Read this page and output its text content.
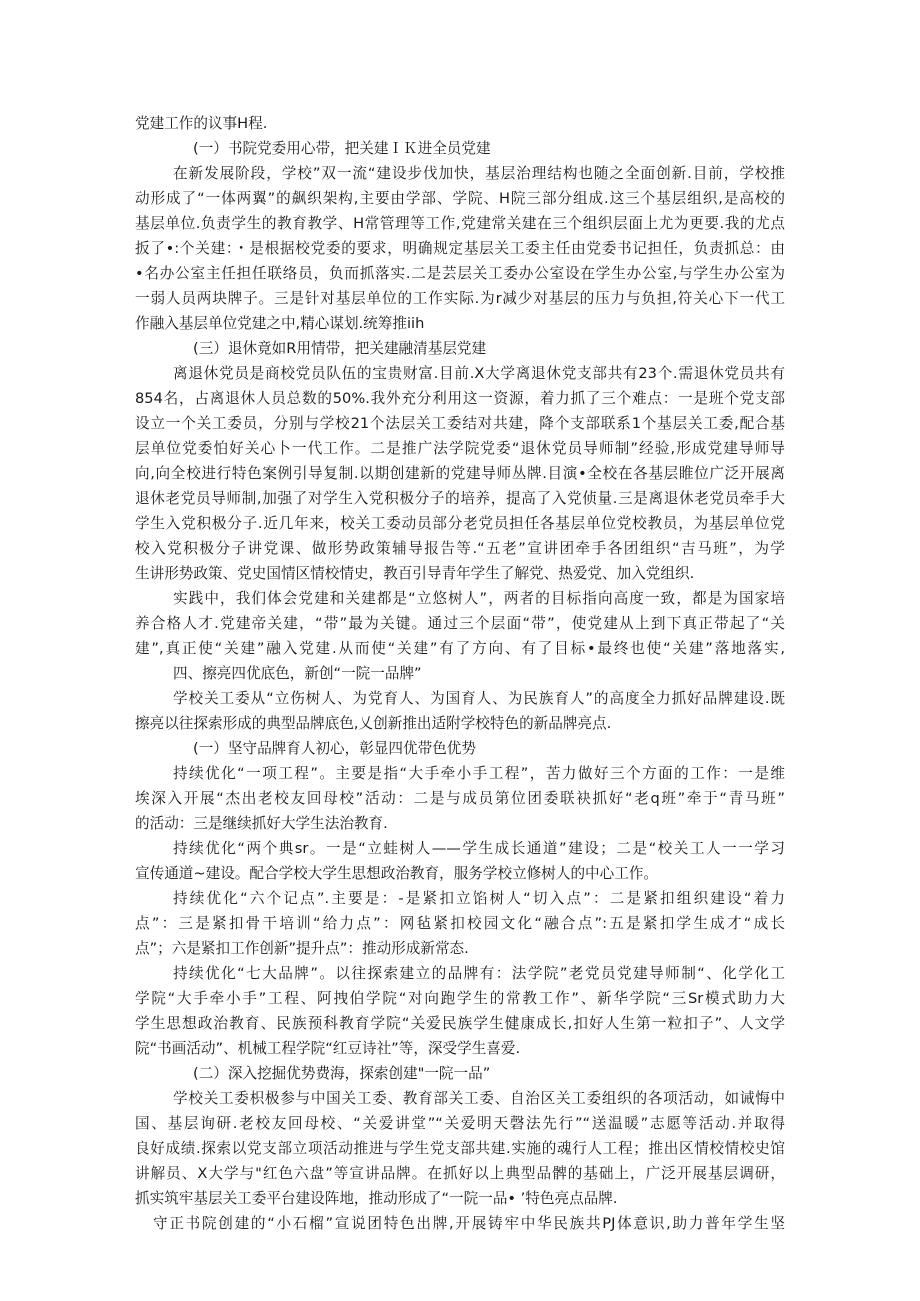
党建工作的议事H程.
(一）书院党委用心带，把关建ＩＫ进全员党建
在新发展阶段，学校”双一流“建设步伐加快，基层治理结构也随之全面创新.目前，学校推
动形成了“一体两翼”的飙织架构,主要由学部、学院、H院三部分组成.这三个基层组织,是高校的
基层单位.负责学生的教育教学、H常管理等工作,党建常关建在三个组织层面上尤为更要.我的尤点
扳了•:个关建：・是根据校党委的要求，明确规定基层关工委主任由党委书记担任，负责抓总：由
•名办公室主任担任联络员，负而抓落实.二是芸层关工委办公室设在学生办公室,与学生办公室为
一弱人员两块牌子。三是针对基层单位的工作实际.为r减少对基层的压力与负担,符关心下一代工
作融入基层单位党建之中,精心谋划.统筹推iih
(三）退休竟如R用情带，把关建融清基层党建
离退休党员是商校党员队伍的宝贵财富.目前.X大学离退休党支部共有23个.需退休党员共有
854名，占离退休人员总数的50%.我外充分利用这一资源，着力抓了三个难点：一是班个党支部
设立一个关工委员，分别与学校21个法层关工委结对共建，降个支部联系1个基层关工委,配合基
层单位党委怕好关心卜一代工作。二是推广法学院党委“退休党员导师制”经验,形成党建导师导
向,向全校进行特色案例引导复制.以期创建新的党建导师丛牌.目演•全校在各基层睢位广泛开展离
退休老党员导师制,加强了对学生入党积极分子的培养，提高了入党侦量.三是离退休老党员牵手大
学生入党积极分子.近几年来，校关工委动员部分老党员担任各基层单位党校教员，为基层单位党
校入党积极分子讲党课、做形势政策辅导报告等.“五老”宣讲团牵手各团组织“吉马班”，为学
生讲形势政策、党史国情区情校情史，教百引导青年学生了解党、热爱党、加入党组织.
实践中，我们体会党建和关建都是“立悠树人”，两者的目标指向高度一致，都是为国家培
养合格人才.党建帝关建，“带”最为关键。通过三个层面“带”，使党建从上到下真正带起了“关
建”,真正使“关建”融入党建.从而使“关建”有了方向、有了目标•最终也使“关建”落地落实,
四、擦亮四优底色，新创“一院一品牌”
学校关工委从“立伤树人、为党育人、为国育人、为民族育人”的高度全力抓好品牌建设.既
擦亮以往探索形成的典型品牌底色,乂创新推出适附学校特色的新品牌亮点.
(一）坚守品牌育人初心，彰显四优带色优势
持续优化“一项工程”。主要是指“大手牵小手工程”，苦力做好三个方面的工作：一是维
埃深入开展“杰出老校友回母校”活动：二是与成员第位团委联袂抓好“老q班”牵于“青马班”
的活动：三是继续抓好大学生法治教育.
持续优化“两个典sr。一是“立蛙树人——学生成长通道”建设；二是“校关工人一一学习
宣传通道~建设。配合学校大学生思想政治教育，服务学校立修树人的中心工作。
持续优化“六个记点”.主要是：-是紧扣立馅树人“切入点”：二是紧扣组织建设“着力
点”：三是紧扣骨干培训“给力点”：网毡紧扣校园文化“融合点”:五是紧扣学生成才“成长
点”；六是紧扣工作创新”提升点”：推动形成新常态.
持续优化“七大品牌”。以往探索建立的品牌有：法学院”老党员党建导师制“、化学化工
学院“大手牵小手”工程、阿拽伯学院“对向跑学生的常教工作”、新华学院“三Sr模式助力大
学生思想政治教育、民族预科教育学院“关爱民族学生健康成长,扣好人生第一粒扣子”、人文学
院“书画活动”、机械工程学院“红豆诗社”等，深受学生喜爱.
(二）深入挖掘优势费海，探索创建"一院一品”
学校关工委枳极参与中国关工委、教育部关工委、自治区关工委组织的各项活动，如诫悔中
国、基层询研.老校友回母校、“关爱讲堂”“关爱明天磬法先行”“送温暖”志愿等活动.并取得
良好成绩.探索以党支部立项活动推进与学生党支部共建.实施的魂行人工程；推出区情校情校史馆
讲解员、X大学与"红色六盘”等宣讲品牌。在抓好以上典型品髀的基础上，广泛开展基层调研，
抓实筑牢基层关工委平台建设阵地，推动形成了“一院一品• ’特色亮点品牌.
守正书院创建的“小石榴”宣说团特色出牌,开展铸牢中华民族共PJ体意识,助力普年学生坚
